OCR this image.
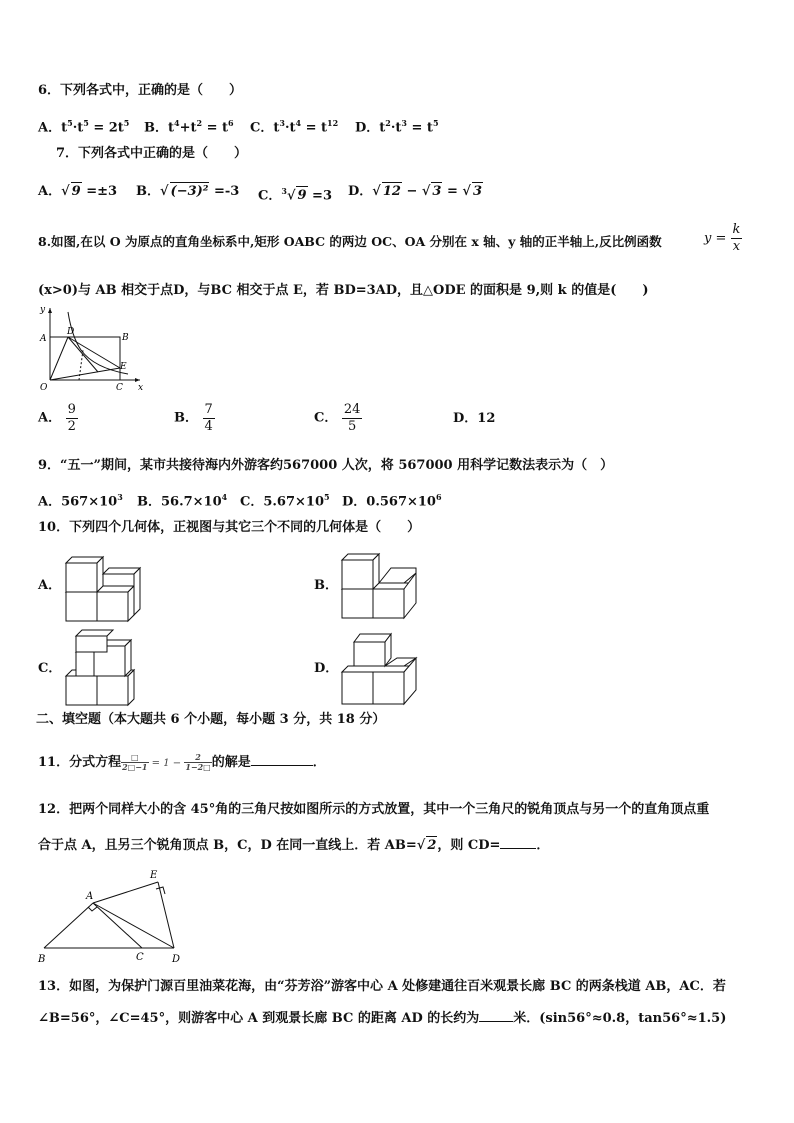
6．下列各式中，正确的是（　　）
A．$t^5\cdot t^5 = 2t^5$ B．$t^4+t^2 = t^6$ C．$t^3\cdot t^4 = t^{12}$ D．$t^2\cdot t^3 = t^5$
7．下列各式中正确的是（　　）
A．√ 9 =±3 B．√ (−3)² =-3 C．$^3$√ 9 =3 D．√ 12 − √ 3 = √ 3
8.如图,在以 O 为原点的直角坐标系中,矩形 OABC 的两边 OC、OA 分别在 x 轴、y 轴的正半轴上,反比例函数	$y = \frac{k}{x}$
(x>0)与 AB 相交于点D，与BC 相交于点 E，若 BD=3AD，且△ODE 的面积是 9,则 k 的值是(　　)
y
x
O
A	B
C
D
E
A． $\frac{9}{2}$	B． $\frac{7}{4}$	C． $\frac{24}{5}$	D．12
9．“五一”期间，某市共接待海内外游客约567000 人次，将 567000 用科学记数法表示为（　）
A．$567\times 10^3$ B．$56.7\times 10^4$ C．$5.67\times 10^5$ D．$0.567\times 10^6$
10．下列四个几何体，正视图与其它三个不同的几何体是（　　）
A．	B．
C．	D．
二、填空题（本大题共 6 个小题，每小题 3 分，共 18 分）
11．分式方程 $\frac{□}{2□-1} = 1 - \frac{2}{1-2□}$ 的解是	．
12．把两个同样大小的含 45°角的三角尺按如图所示的方式放置，其中一个三角尺的锐角顶点与另一个的直角顶点重
合于点 A，且另三个锐角顶点 B，C，D 在同一直线上．若 AB=√ 2，则 CD=	．
A
B	C	D
E
13．如图，为保护门源百里油菜花海，由“芬芳浴”游客中心 A 处修建通往百米观景长廊 BC 的两条栈道 AB，AC．若
∠B=56°，∠C=45°，则游客中心 A 到观景长廊 BC 的距离 AD 的长约为	米．(sin56°≈0.8，tan56°≈1.5)
